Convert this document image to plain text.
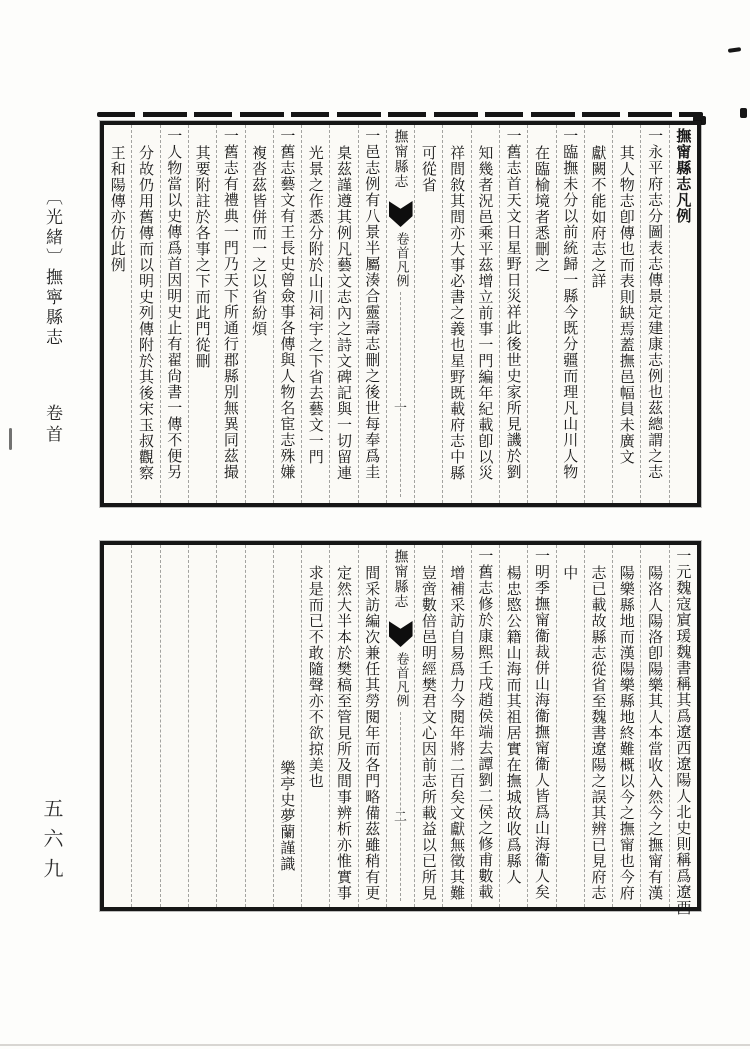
〔光緒〕撫寧縣志
卷首
五六九
撫甯縣志凡例
一永平府志分圖表志傳景定建康志例也茲總謂之志
其人物志卽傳也而表則缺焉蓋撫邑幅員未廣文
獻闕不能如府志之詳
一臨撫未分以前統歸一縣今既分疆而理凡山川人物
在臨榆境者悉刪之
一舊志首天文日星野日災祥此後世史家所見譏於劉
知幾者況邑乘平茲增立前事一門編年紀載卽以災
祥間敘其間亦大事必書之義也星野既載府志中縣
可從省
撫甯縣志
卷首凡例
一
一邑志例有八景半屬湊合靈壽志刪之後世每奉爲圭
臬茲謹遵其例凡藝文志內之詩文碑記與一切留連
光景之作悉分附於山川祠宇之下省去藝文一門
一舊志藝文有王長史曾僉事各傳與人物名宦志殊嫌
複沓茲皆併而一之以省紛煩
一舊志有禮典一門乃天下所通行郡縣別無異同茲撮
其要附註於各事之下而此門從刪
一人物當以史傳爲首因明史止有翟尙書一傳不便另
分故仍用舊傳而以明史列傳附於其後宋玉叔觀察
王和陽傳亦仿此例
一元魏寇賔瑗魏書稱其爲遼西遼陽人北史則稱爲遼西
陽洛人陽洛卽陽樂其人本當收入然今之撫甯有漢
陽樂縣地而漢陽樂縣地終難概以今之撫甯也今府
志已載故縣志從省至魏書遼陽之誤其辨已見府志
中
一明季撫甯衞裁併山海衞撫甯衞人皆爲山海衞人矣
楊忠愍公籍山海而其祖居實在撫城故收爲縣人
一舊志修於康熙壬戌趙侯端去譚劉二侯之修甫數載
增補采訪自易爲力今閱年將二百矣文獻無徵其難
豈啻數倍邑明經樊君文心因前志所載益以已所見
撫甯縣志
卷首凡例
二
間采訪編次兼任其勞閱年而各門略備茲雖稍有更
定然大半本於樊稿至管見所及間事辨析亦惟實事
求是而已不敢隨聲亦不欲掠美也
樂亭史夢蘭謹識
